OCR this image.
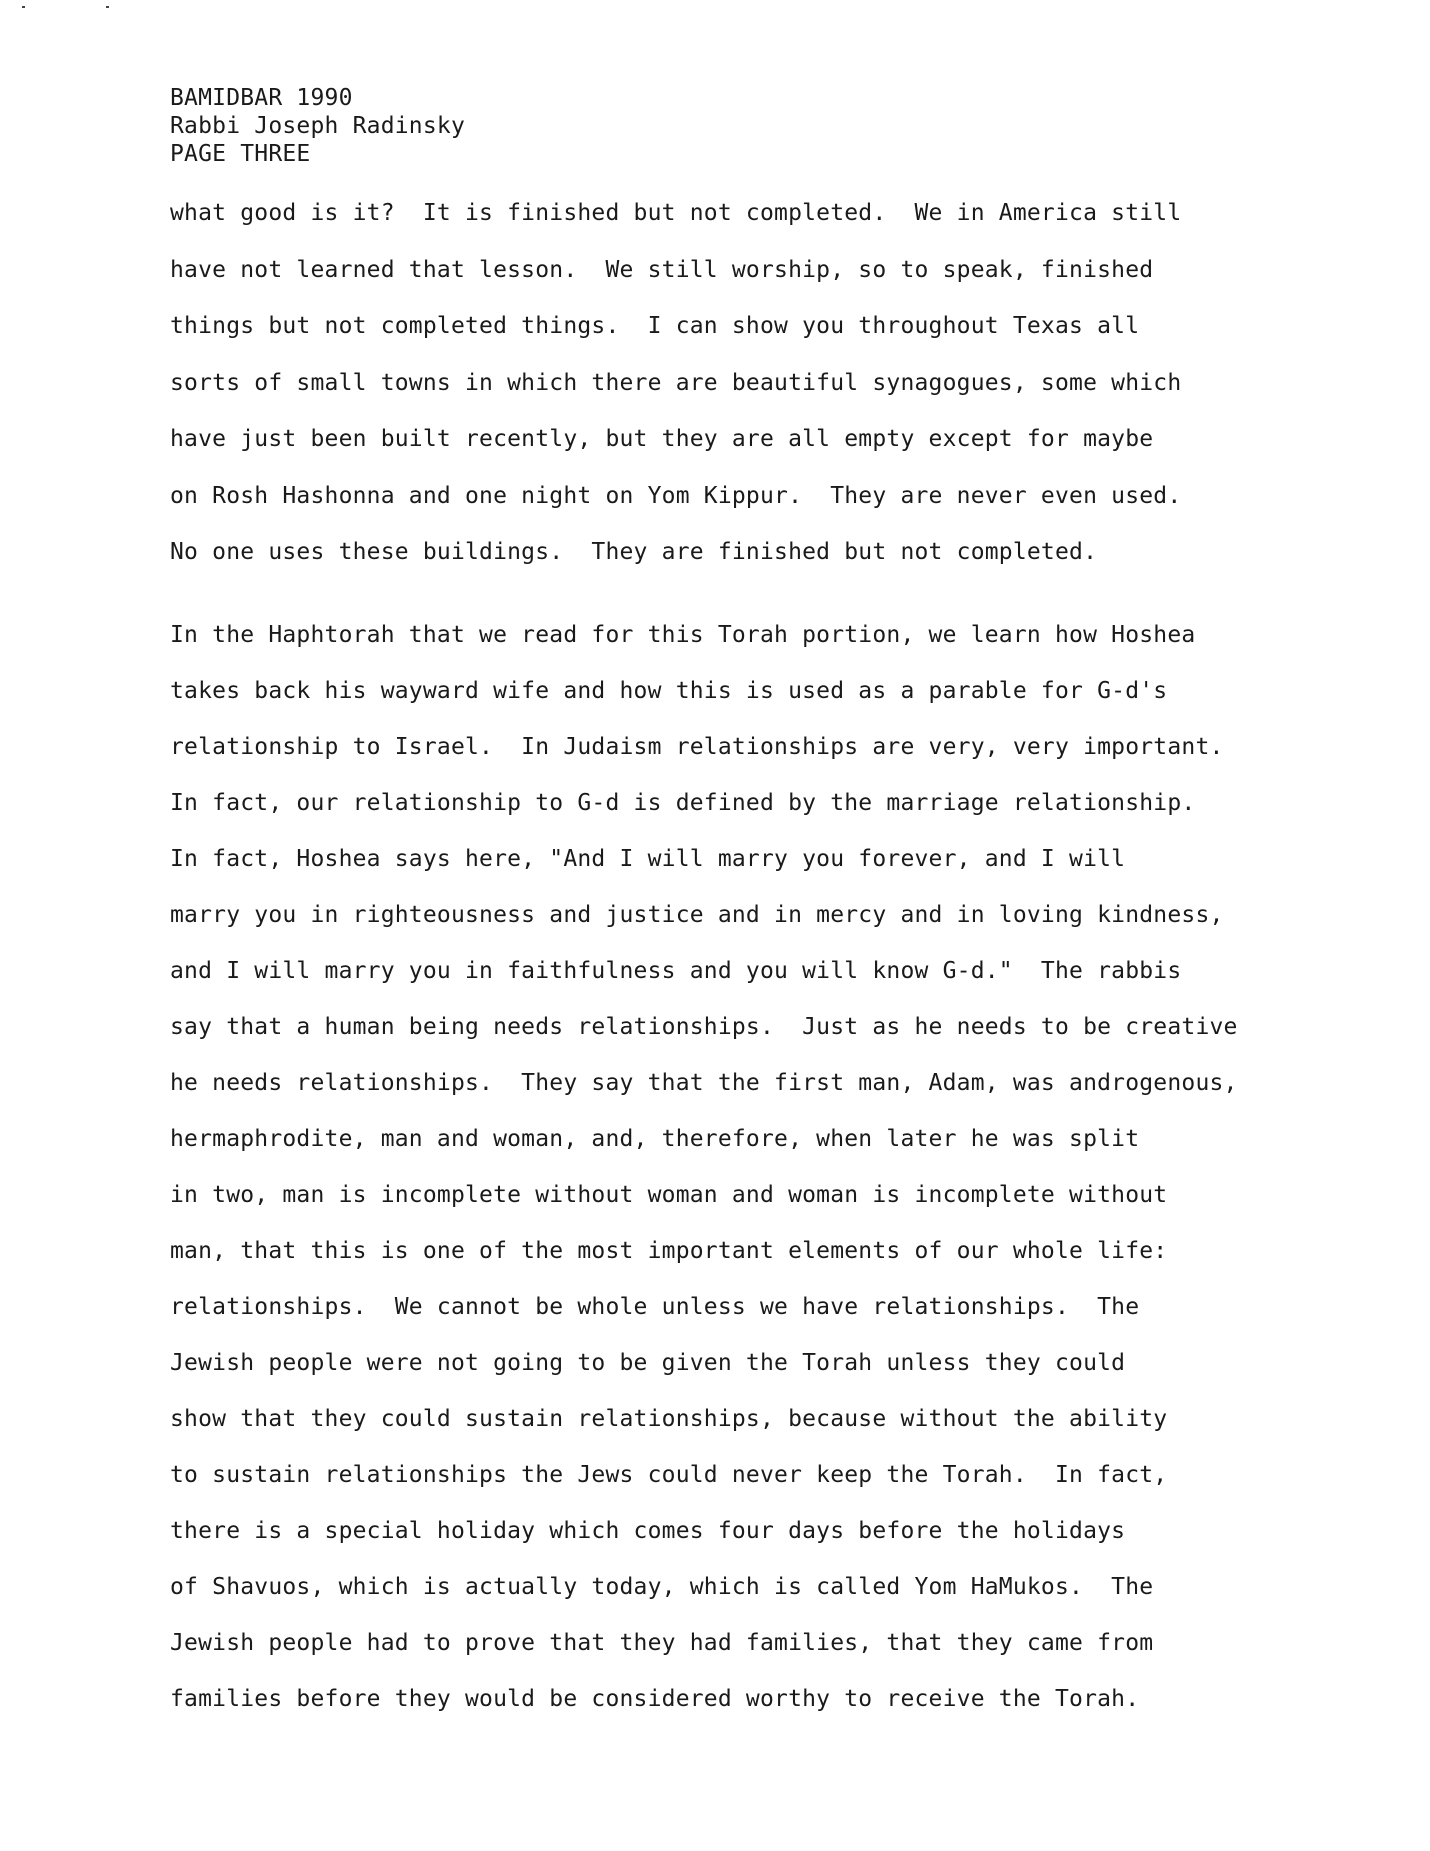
BAMIDBAR 1990
Rabbi Joseph Radinsky
PAGE THREE
what good is it?  It is finished but not completed.  We in America still
have not learned that lesson.  We still worship, so to speak, finished
things but not completed things.  I can show you throughout Texas all
sorts of small towns in which there are beautiful synagogues, some which
have just been built recently, but they are all empty except for maybe
on Rosh Hashonna and one night on Yom Kippur.  They are never even used.
No one uses these buildings.  They are finished but not completed.
In the Haphtorah that we read for this Torah portion, we learn how Hoshea
takes back his wayward wife and how this is used as a parable for G-d's
relationship to Israel.  In Judaism relationships are very, very important.
In fact, our relationship to G-d is defined by the marriage relationship.
In fact, Hoshea says here, "And I will marry you forever, and I will
marry you in righteousness and justice and in mercy and in loving kindness,
and I will marry you in faithfulness and you will know G-d."  The rabbis
say that a human being needs relationships.  Just as he needs to be creative
he needs relationships.  They say that the first man, Adam, was androgenous,
hermaphrodite, man and woman, and, therefore, when later he was split
in two, man is incomplete without woman and woman is incomplete without
man, that this is one of the most important elements of our whole life:
relationships.  We cannot be whole unless we have relationships.  The
Jewish people were not going to be given the Torah unless they could
show that they could sustain relationships, because without the ability
to sustain relationships the Jews could never keep the Torah.  In fact,
there is a special holiday which comes four days before the holidays
of Shavuos, which is actually today, which is called Yom HaMukos.  The
Jewish people had to prove that they had families, that they came from
families before they would be considered worthy to receive the Torah.
